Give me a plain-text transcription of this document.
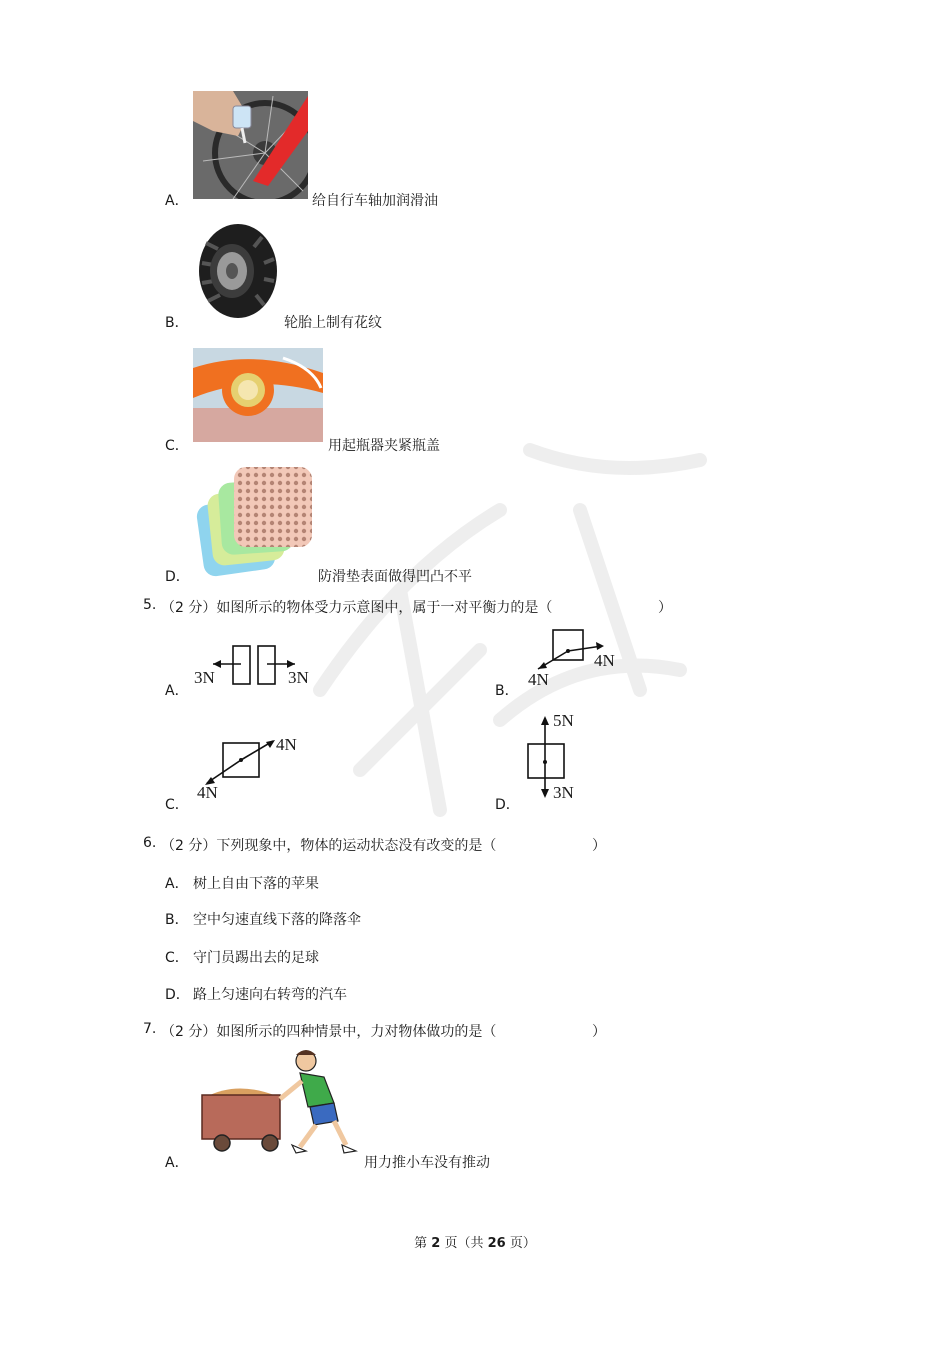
A．	给自行车轴加润滑油
B．	轮胎上制有花纹
C．	用起瓶器夹紧瓶盖
D．	防滑垫表面做得凹凸不平
5. （2 分）如图所示的物体受力示意图中，属于一对平衡力的是（	）
A．
3N	3N
B．
4N
4N
C．
4N
4N
D．
5N
3N
6. （2 分）下列现象中，物体的运动状态没有改变的是（	）
A． 树上自由下落的苹果
B． 空中匀速直线下落的降落伞
C． 守门员踢出去的足球
D． 路上匀速向右转弯的汽车
7. （2 分）如图所示的四种情景中，力对物体做功的是（	）
A．	用力推小车没有推动
第 2 页（共 26 页）
